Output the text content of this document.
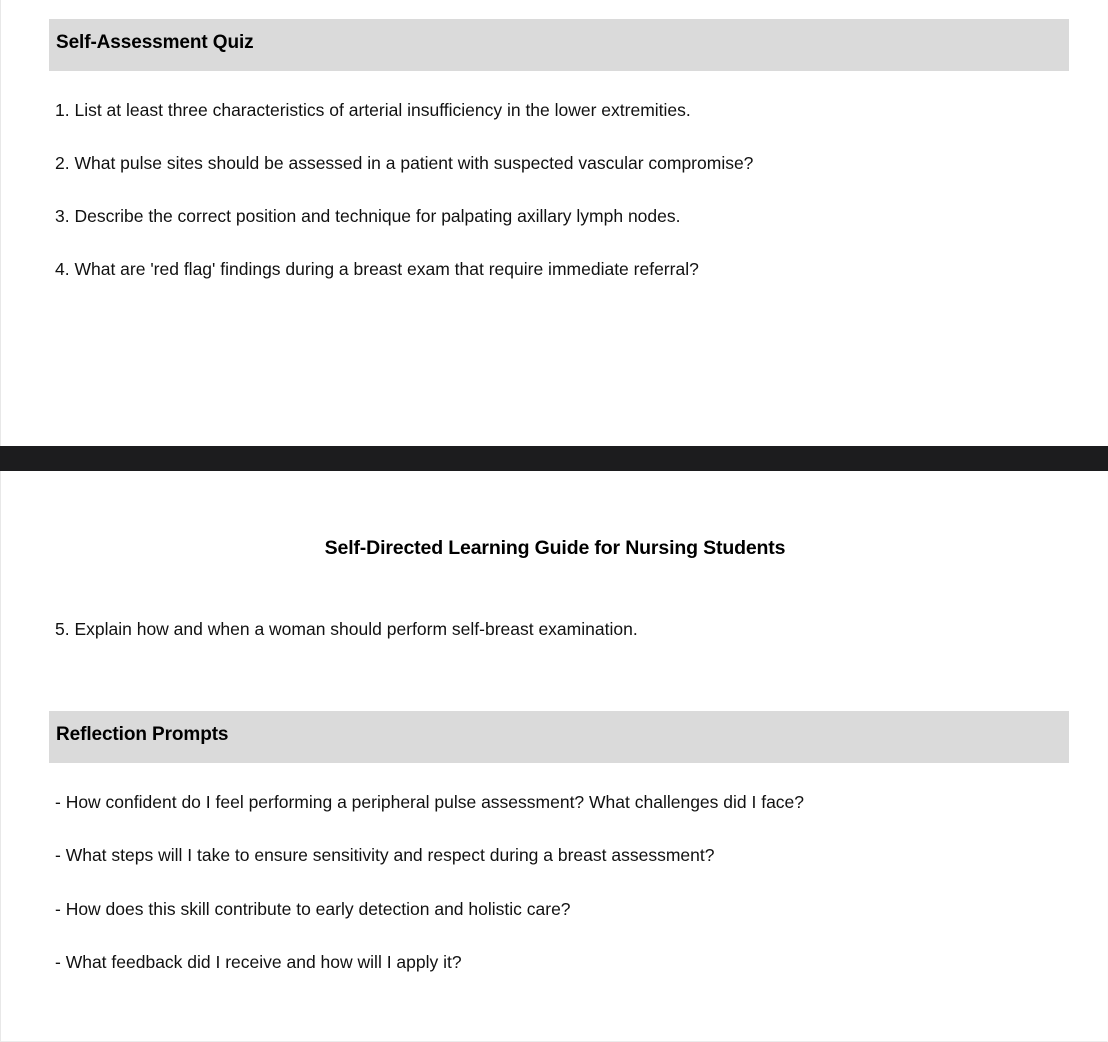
Self-Assessment Quiz
1. List at least three characteristics of arterial insufficiency in the lower extremities.
2. What pulse sites should be assessed in a patient with suspected vascular compromise?
3. Describe the correct position and technique for palpating axillary lymph nodes.
4. What are 'red flag' findings during a breast exam that require immediate referral?
Self-Directed Learning Guide for Nursing Students
5. Explain how and when a woman should perform self-breast examination.
Reflection Prompts
- How confident do I feel performing a peripheral pulse assessment? What challenges did I face?
- What steps will I take to ensure sensitivity and respect during a breast assessment?
- How does this skill contribute to early detection and holistic care?
- What feedback did I receive and how will I apply it?
